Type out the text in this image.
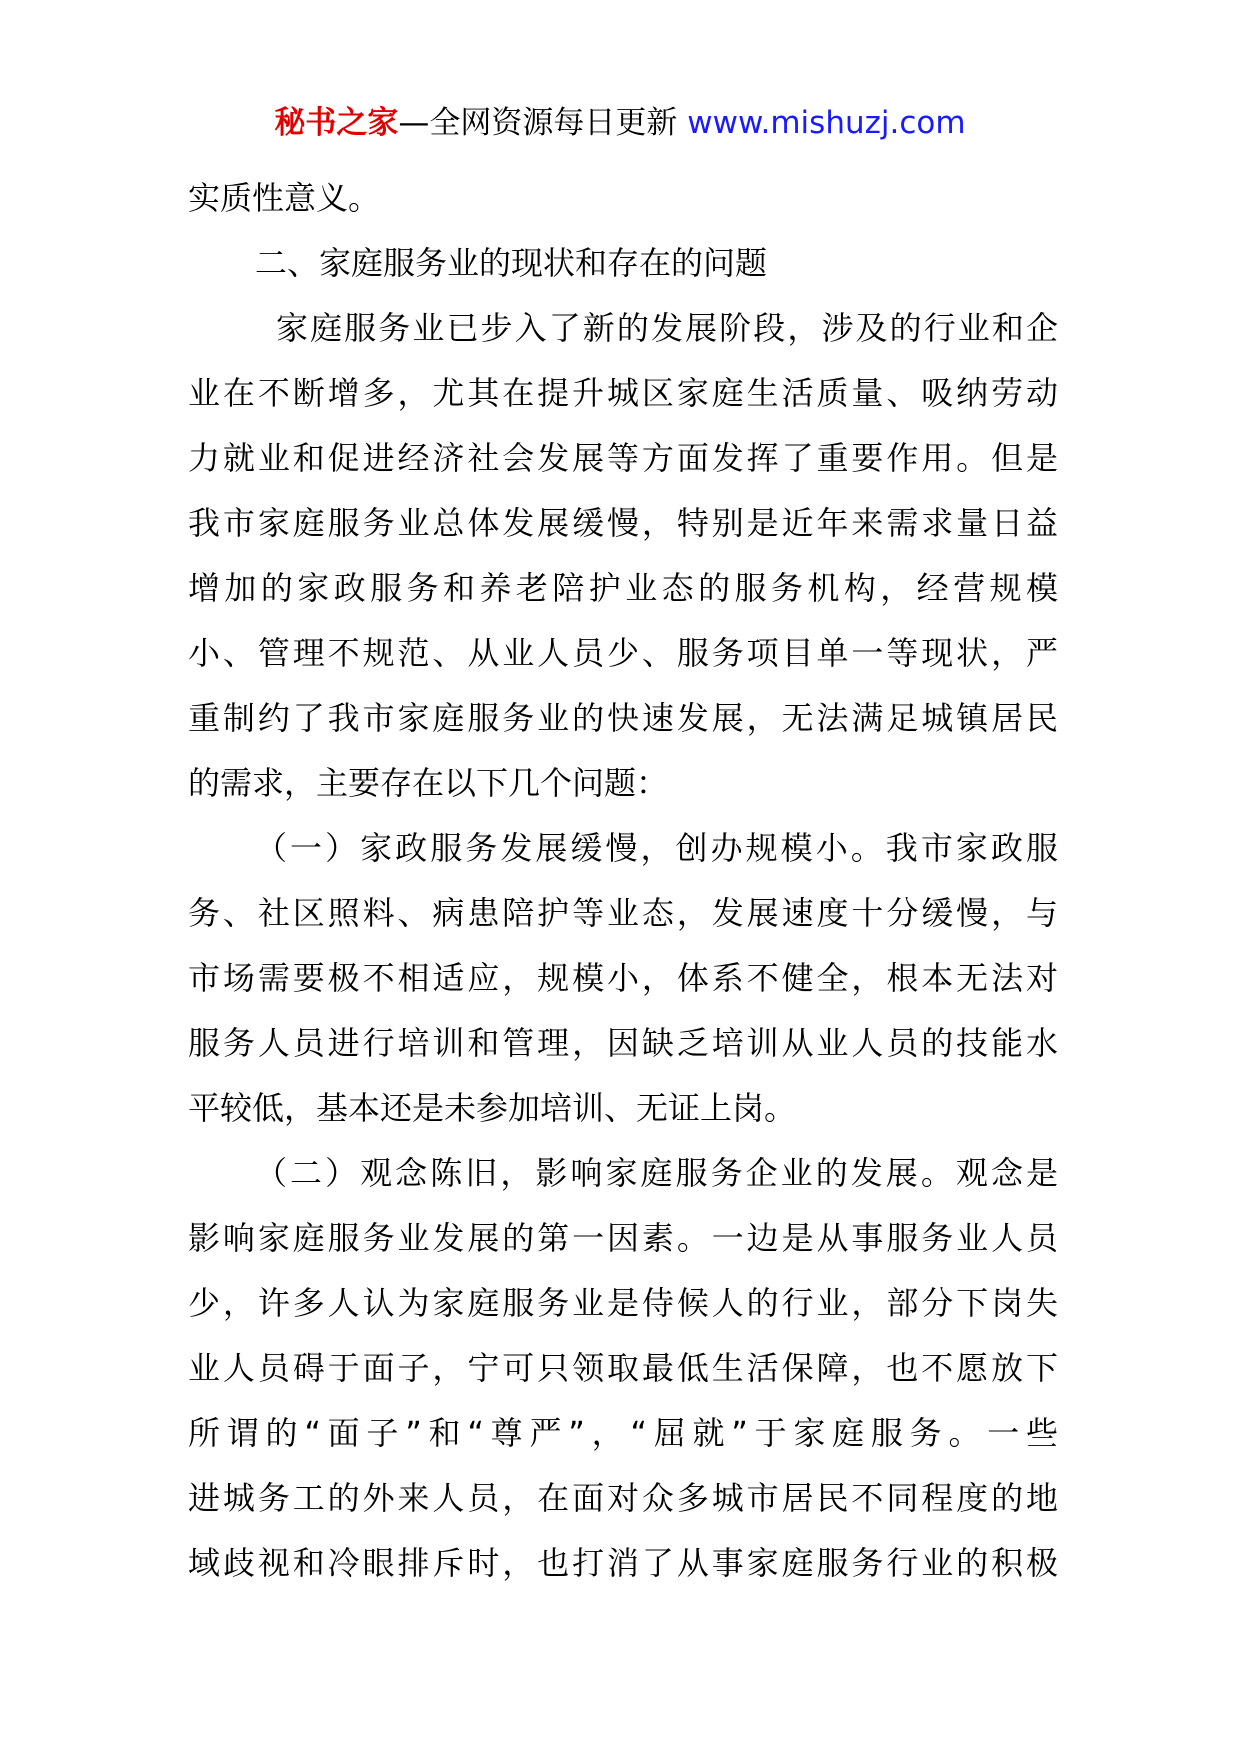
秘书之家—全网资源每日更新 www.mishuzj.com
实质性意义。
二、家庭服务业的现状和存在的问题
家庭服务业已步入了新的发展阶段，涉及的行业和企
业在不断增多，尤其在提升城区家庭生活质量、吸纳劳动
力就业和促进经济社会发展等方面发挥了重要作用。但是
我市家庭服务业总体发展缓慢，特别是近年来需求量日益
增加的家政服务和养老陪护业态的服务机构，经营规模
小、管理不规范、从业人员少、服务项目单一等现状，严
重制约了我市家庭服务业的快速发展，无法满足城镇居民
的需求，主要存在以下几个问题：
（一）家政服务发展缓慢，创办规模小。我市家政服
务、社区照料、病患陪护等业态，发展速度十分缓慢，与
市场需要极不相适应，规模小，体系不健全，根本无法对
服务人员进行培训和管理，因缺乏培训从业人员的技能水
平较低，基本还是未参加培训、无证上岗。
（二）观念陈旧，影响家庭服务企业的发展。观念是
影响家庭服务业发展的第一因素。一边是从事服务业人员
少，许多人认为家庭服务业是侍候人的行业，部分下岗失
业人员碍于面子，宁可只领取最低生活保障，也不愿放下
所谓的“面子”和“尊严”，“屈就”于家庭服务。一些
进城务工的外来人员，在面对众多城市居民不同程度的地
域歧视和冷眼排斥时，也打消了从事家庭服务行业的积极
